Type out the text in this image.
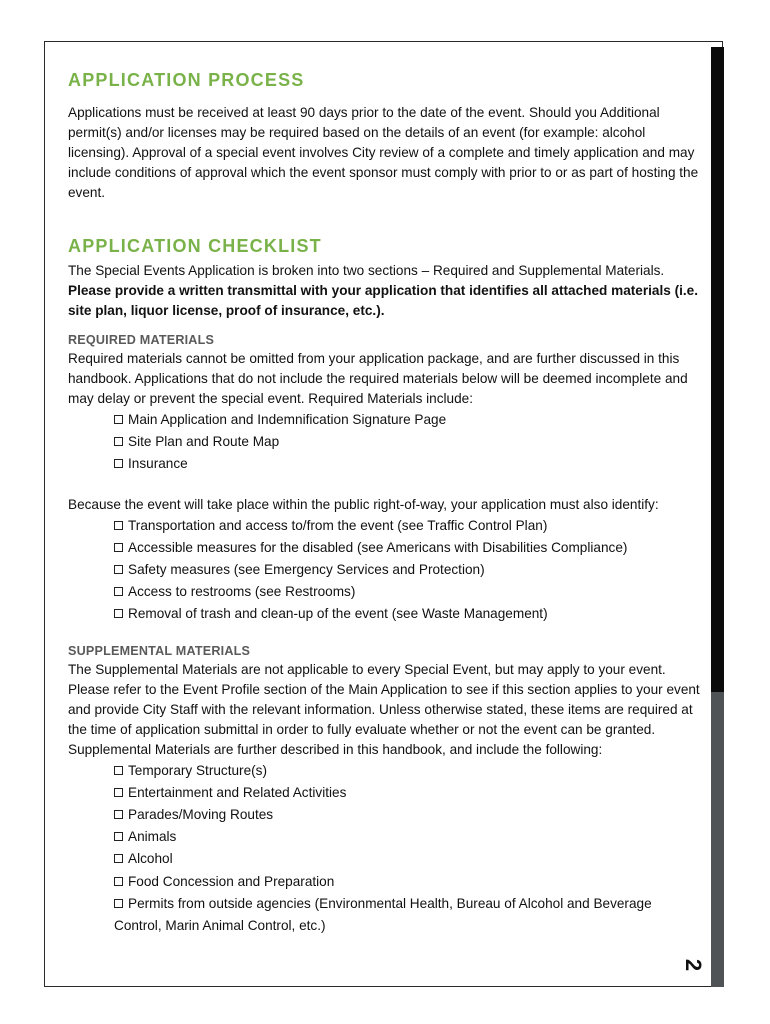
APPLICATION PROCESS

Applications must be received at least 90 days prior to the date of the event. Should you Additional permit(s) and/or licenses may be required based on the details of an event (for example: alcohol licensing). Approval of a special event involves City review of a complete and timely application and may include conditions of approval which the event sponsor must comply with prior to or as part of hosting the event.

APPLICATION CHECKLIST

The Special Events Application is broken into two sections – Required and Supplemental Materials.

Please provide a written transmittal with your application that identifies all attached materials (i.e. site plan, liquor license, proof of insurance, etc.).

REQUIRED MATERIALS

Required materials cannot be omitted from your application package, and are further discussed in this handbook. Applications that do not include the required materials below will be deemed incomplete and may delay or prevent the special event. Required Materials include:

Main Application and Indemnification Signature Page
Site Plan and Route Map
Insurance

Because the event will take place within the public right-of-way, your application must also identify:

Transportation and access to/from the event (see Traffic Control Plan)
Accessible measures for the disabled (see Americans with Disabilities Compliance)
Safety measures (see Emergency Services and Protection)
Access to restrooms (see Restrooms)
Removal of trash and clean-up of the event (see Waste Management)
SUPPLEMENTAL MATERIALS

The Supplemental Materials are not applicable to every Special Event, but may apply to your event. Please refer to the Event Profile section of the Main Application to see if this section applies to your event and provide City Staff with the relevant information. Unless otherwise stated, these items are required at the time of application submittal in order to fully evaluate whether or not the event can be granted. Supplemental Materials are further described in this handbook, and include the following:

Temporary Structure(s)
Entertainment and Related Activities
Parades/Moving Routes
Animals
Alcohol
Food Concession and Preparation
Permits from outside agencies (Environmental Health, Bureau of Alcohol and Beverage
Control, Marin Animal Control, etc.)
2
